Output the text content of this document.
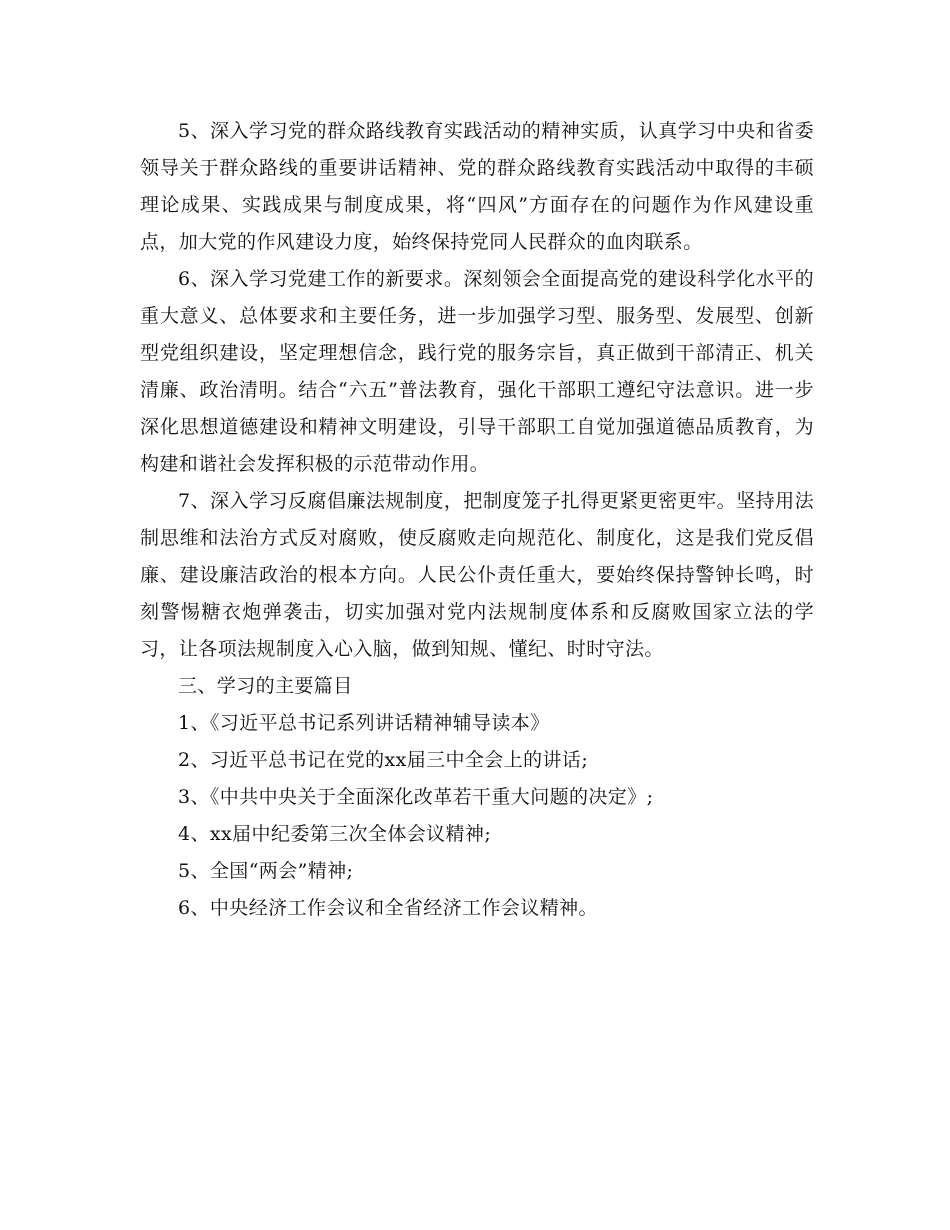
5、深入学习党的群众路线教育实践活动的精神实质，认真学习中央和省委领导关于群众路线的重要讲话精神、党的群众路线教育实践活动中取得的丰硕理论成果、实践成果与制度成果，将“四风”方面存在的问题作为作风建设重点，加大党的作风建设力度，始终保持党同人民群众的血肉联系。

6、深入学习党建工作的新要求。深刻领会全面提高党的建设科学化水平的重大意义、总体要求和主要任务，进一步加强学习型、服务型、发展型、创新型党组织建设，坚定理想信念，践行党的服务宗旨，真正做到干部清正、机关清廉、政治清明。结合“六五”普法教育，强化干部职工遵纪守法意识。进一步深化思想道德建设和精神文明建设，引导干部职工自觉加强道德品质教育，为构建和谐社会发挥积极的示范带动作用。

7、深入学习反腐倡廉法规制度，把制度笼子扎得更紧更密更牢。坚持用法制思维和法治方式反对腐败，使反腐败走向规范化、制度化，这是我们党反倡廉、建设廉洁政治的根本方向。人民公仆责任重大，要始终保持警钟长鸣，时刻警惕糖衣炮弹袭击，切实加强对党内法规制度体系和反腐败国家立法的学习，让各项法规制度入心入脑，做到知规、懂纪、时时守法。

三、学习的主要篇目

1、《习近平总书记系列讲话精神辅导读本》

2、习近平总书记在党的xx届三中全会上的讲话;

3、《中共中央关于全面深化改革若干重大问题的决定》;

4、xx届中纪委第三次全体会议精神;

5、全国“两会”精神;

6、中央经济工作会议和全省经济工作会议精神。
